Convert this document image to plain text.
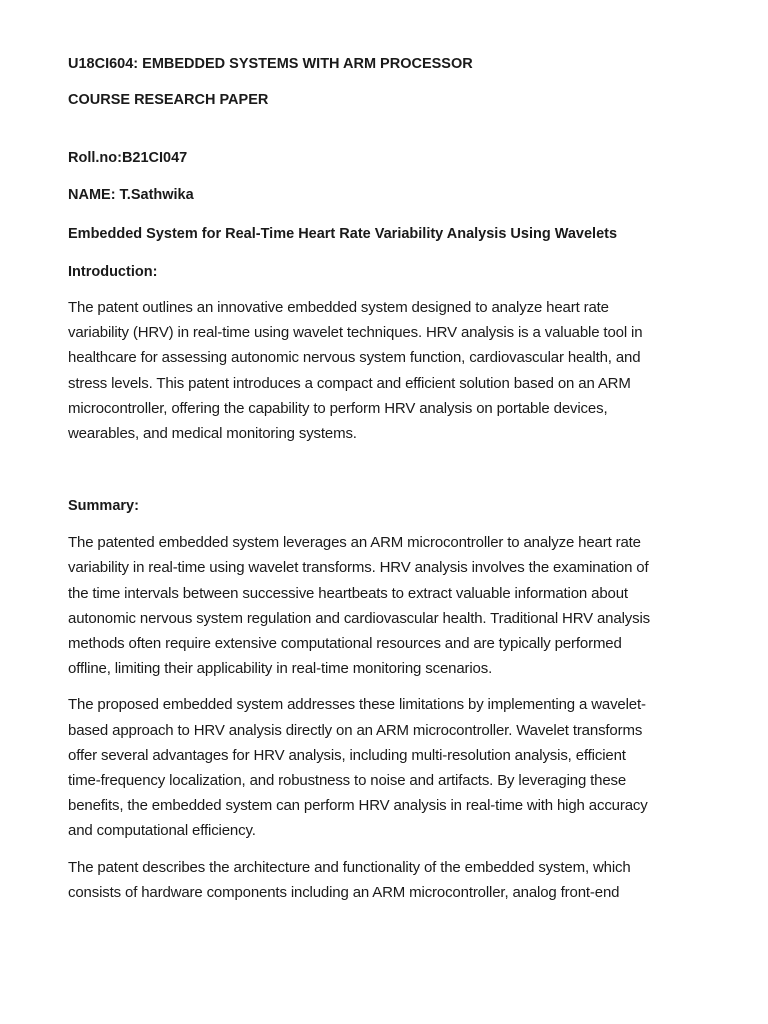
U18CI604: EMBEDDED SYSTEMS WITH ARM PROCESSOR

COURSE RESEARCH PAPER

Roll.no:B21CI047

NAME: T.Sathwika

Embedded System for Real-Time Heart Rate Variability Analysis Using Wavelets

Introduction:

The patent outlines an innovative embedded system designed to analyze heart rate
variability (HRV) in real-time using wavelet techniques. HRV analysis is a valuable tool in
healthcare for assessing autonomic nervous system function, cardiovascular health, and
stress levels. This patent introduces a compact and efficient solution based on an ARM
microcontroller, offering the capability to perform HRV analysis on portable devices,
wearables, and medical monitoring systems.

Summary:

The patented embedded system leverages an ARM microcontroller to analyze heart rate
variability in real-time using wavelet transforms. HRV analysis involves the examination of
the time intervals between successive heartbeats to extract valuable information about
autonomic nervous system regulation and cardiovascular health. Traditional HRV analysis
methods often require extensive computational resources and are typically performed
offline, limiting their applicability in real-time monitoring scenarios.

The proposed embedded system addresses these limitations by implementing a wavelet-
based approach to HRV analysis directly on an ARM microcontroller. Wavelet transforms
offer several advantages for HRV analysis, including multi-resolution analysis, efficient
time-frequency localization, and robustness to noise and artifacts. By leveraging these
benefits, the embedded system can perform HRV analysis in real-time with high accuracy
and computational efficiency.

The patent describes the architecture and functionality of the embedded system, which
consists of hardware components including an ARM microcontroller, analog front-end
